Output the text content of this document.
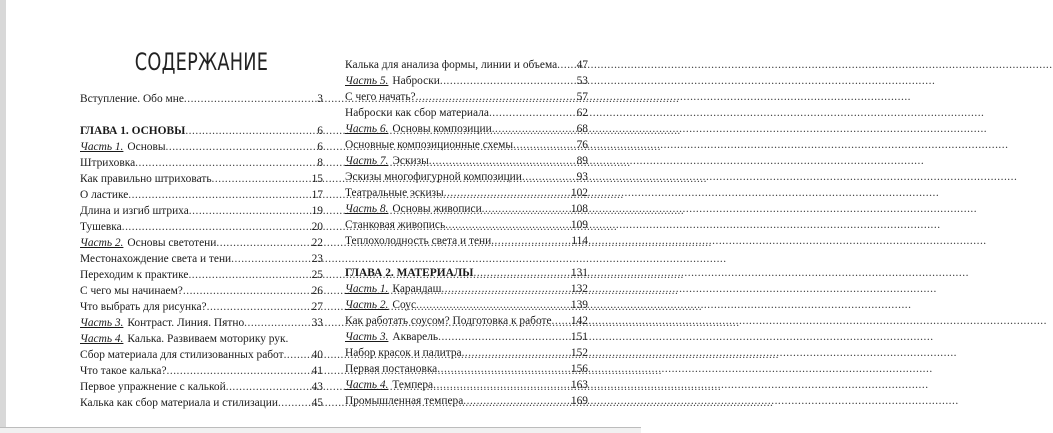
СОДЕРЖАНИЕ
Вступление. Обо мне .....	3
ГЛАВА 1. ОСНОВЫ .....	6
Часть 1. Основы .....	6
Штриховка .....	8
Как правильно штриховать .....	15
О ластике .....	17
Длина и изгиб штриха .....	19
Тушевка .....	20
Часть 2. Основы светотени .....	22
Местонахождение света и тени .....	23
Переходим к практике .....	25
С чего мы начинаем? .....	26
Что выбрать для рисунка? .....	27
Часть 3. Контраст. Линия. Пятно .....	33
Часть 4. Калька. Развиваем моторику рук.
Сбор материала для стилизованных работ ..... 40
Что такое калька? .....	41
Первое упражнение с калькой .....	43
Калька как сбор материала и стилизации .....	45
Калька для анализа формы, линии и объема ..... 47
Часть 5. Наброски .....	53
С чего начать? .....	57
Наброски как сбор материала .....	62
Часть 6. Основы композиции .....	68
Основные композиционные схемы .....	76
Часть 7. Эскизы .....	89
Эскизы многофигурной композиции .....	93
Театральные эскизы .....	102
Часть 8. Основы живописи .....	108
Станковая живопись .....	109
Теплохолодность света и тени .....	114
ГЛАВА 2. МАТЕРИАЛЫ .....	131
Часть 1. Карандаш .....	132
Часть 2. Соус .....	139
Как работать соусом? Подготовка к работе ..... 142
Часть 3. Акварель .....	151
Набор красок и палитра .....	152
Первая постановка .....	156
Часть 4. Темпера .....	163
Промышленная темпера .....	169
